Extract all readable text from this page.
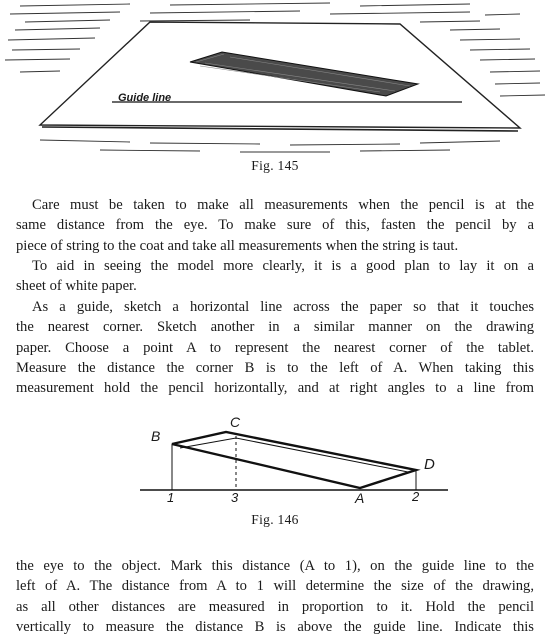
Guide line
Fig. 145
Care must be taken to make all measurements when the pencil is at the
same distance from the eye. To make sure of this, fasten the pencil by a
piece of string to the coat and take all measurements when the string is taut.
To aid in seeing the model more clearly, it is a good plan to lay it on a
sheet of white paper.
As a guide, sketch a horizontal line across the paper so that it touches
the nearest corner. Sketch another in a similar manner on the drawing
paper. Choose a point A to represent the nearest corner of the tablet.
Measure the distance the corner B is to the left of A. When taking this
measurement hold the pencil horizontally, and at right angles to a line from
B
C
D
1	3	A	2
Fig. 146
the eye to the object. Mark this distance (A to 1), on the guide line to the
left of A. The distance from A to 1 will determine the size of the drawing,
as all other distances are measured in proportion to it. Hold the pencil
vertically to measure the distance B is above the guide line. Indicate this
